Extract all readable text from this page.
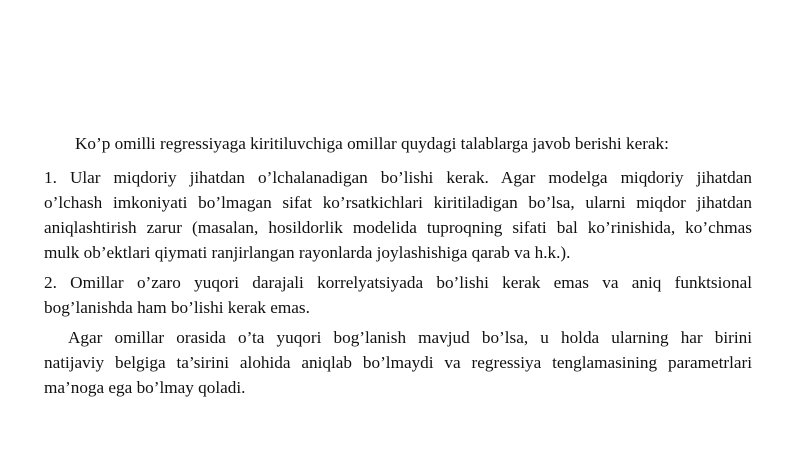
Ko’p omilli regressiyaga kiritiluvchiga omillar quydagi talablarga javob berishi kerak:
1. Ular miqdoriy jihatdan o’lchalanadigan bo’lishi kerak. Agar modelga miqdoriy jihatdan
o’lchash imkoniyati bo’lmagan sifat ko’rsatkichlari kiritiladigan bo’lsa, ularni miqdor jihatdan
aniqlashtirish zarur (masalan, hosildorlik modelida tuproqning sifati bal ko’rinishida, ko’chmas
mulk ob’ektlari qiymati ranjirlangan rayonlarda joylashishiga qarab va h.k.).
2. Omillar o’zaro yuqori darajali korrelyatsiyada bo’lishi kerak emas va aniq funktsional
bog’lanishda ham bo’lishi kerak emas.
Agar omillar orasida o’ta yuqori bog’lanish mavjud bo’lsa, u holda ularning har birini
natijaviy belgiga ta’sirini alohida aniqlab bo’lmaydi va regressiya tenglamasining parametrlari
ma’noga ega bo’lmay qoladi.
